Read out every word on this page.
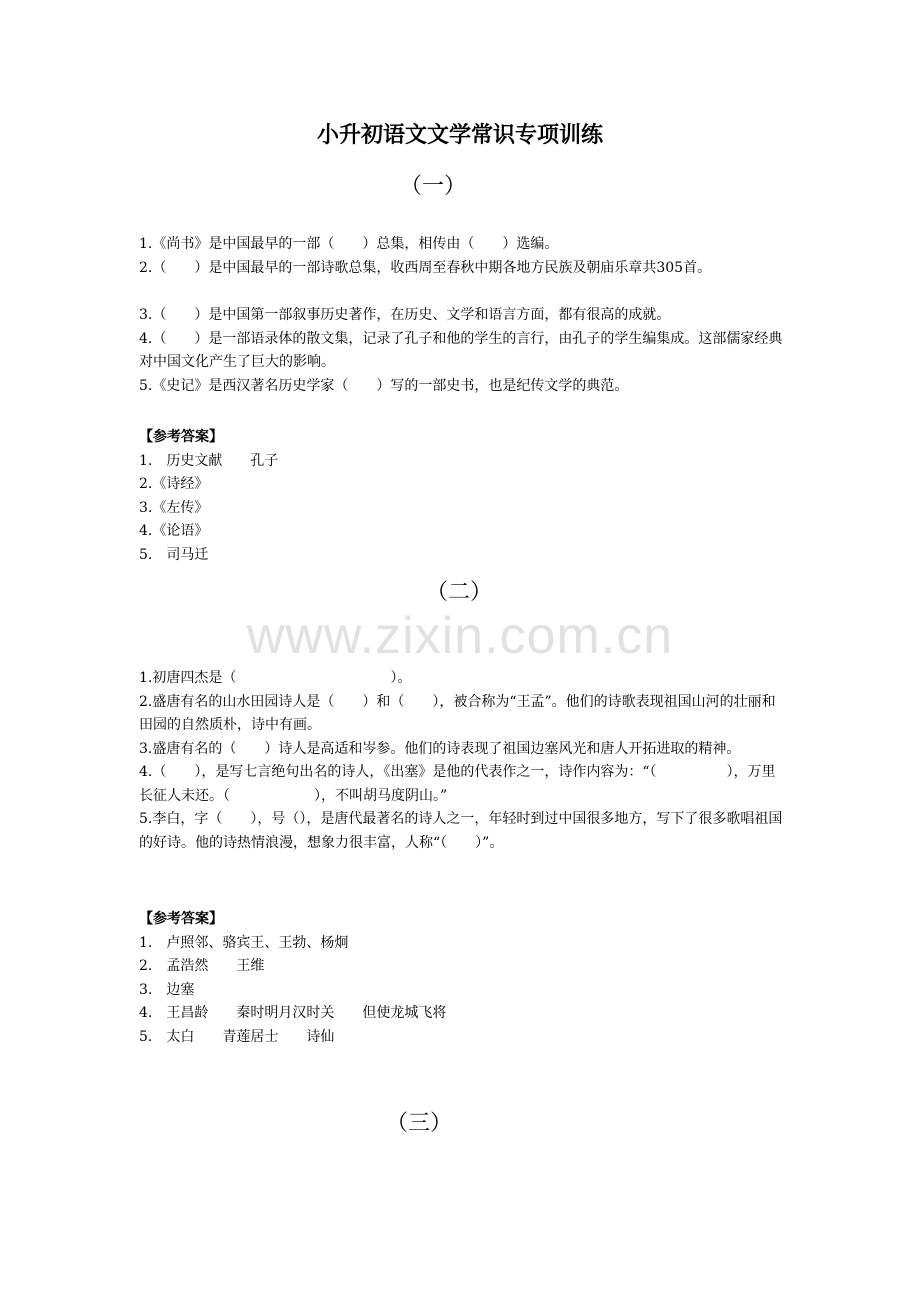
小升初语文文学常识专项训练
（一）
1.《尚书》是中国最早的一部（　　）总集，相传由（　　）选编。
2.（　　）是中国最早的一部诗歌总集，收西周至春秋中期各地方民族及朝庙乐章共305首。
3.（　　）是中国第一部叙事历史著作，在历史、文学和语言方面，都有很高的成就。
4.（　　）是一部语录体的散文集，记录了孔子和他的学生的言行，由孔子的学生编集成。这部儒家经典对中国文化产生了巨大的影响。
5.《史记》是西汉著名历史学家（　　）写的一部史书，也是纪传文学的典范。
【参考答案】
1.　历史文献　　孔子
2.《诗经》
3.《左传》
4.《论语》
5.　司马迁
（二）
www.zixin.com.cn
1.初唐四杰是（　　　　　　　　　　　）。
2.盛唐有名的山水田园诗人是（　　）和（　　），被合称为“王孟”。他们的诗歌表现祖国山河的壮丽和田园的自然质朴，诗中有画。
3.盛唐有名的（　　）诗人是高适和岑参。他们的诗表现了祖国边塞风光和唐人开拓进取的精神。
4.（　　），是写七言绝句出名的诗人，《出塞》是他的代表作之一，诗作内容为：“（　　　　　），万里长征人未还。（　　　　　　），不叫胡马度阴山。”
5.李白，字（　　），号（），是唐代最著名的诗人之一，年轻时到过中国很多地方，写下了很多歌唱祖国的好诗。他的诗热情浪漫，想象力很丰富，人称“（　　）”。
【参考答案】
1.　卢照邻、骆宾王、王勃、杨炯
2.　孟浩然　　王维
3.　边塞
4.　王昌龄　　秦时明月汉时关　　但使龙城飞将
5.　太白　　青莲居士　　诗仙
（三）
